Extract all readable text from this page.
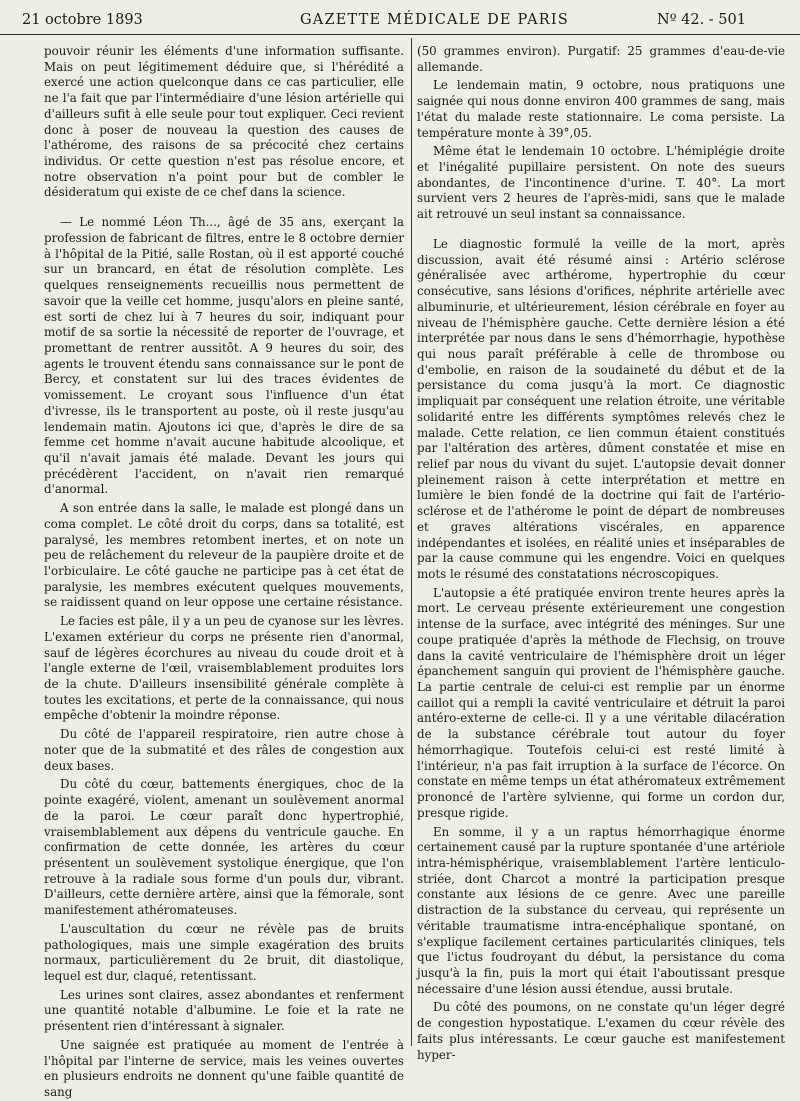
21 octobre 1893	GAZETTE MÉDICALE DE PARIS	Nº 42. - 501

pouvoir réunir les éléments d'une information suffisante. Mais on peut légitimement déduire que, si l'hérédité a exercé une action quelconque dans ce cas particulier, elle ne l'a fait que par l'intermédiaire d'une lésion artérielle qui d'ailleurs sufit à elle seule pour tout expliquer. Ceci revient donc à poser de nouveau la question des causes de l'athérome, des raisons de sa précocité chez certains individus. Or cette question n'est pas résolue encore, et notre observation n'a point pour but de combler le désideratum qui existe de ce chef dans la science.

— Le nommé Léon Th..., âgé de 35 ans, exerçant la profession de fabricant de filtres, entre le 8 octobre dernier à l'hôpital de la Pitié, salle Rostan, où il est apporté couché sur un brancard, en état de résolution complète. Les quelques renseignements recueillis nous permettent de savoir que la veille cet homme, jusqu'alors en pleine santé, est sorti de chez lui à 7 heures du soir, indiquant pour motif de sa sortie la nécessité de reporter de l'ouvrage, et promettant de rentrer aussitôt. A 9 heures du soir, des agents le trouvent étendu sans connaissance sur le pont de Bercy, et constatent sur lui des traces évidentes de vomissement. Le croyant sous l'influence d'un état d'ivresse, ils le transportent au poste, où il reste jusqu'au lendemain matin. Ajoutons ici que, d'après le dire de sa femme cet homme n'avait aucune habitude alcoolique, et qu'il n'avait jamais été malade. Devant les jours qui précédèrent l'accident, on n'avait rien remarqué d'anormal.

A son entrée dans la salle, le malade est plongé dans un coma complet. Le côté droit du corps, dans sa totalité, est paralysé, les membres retombent inertes, et on note un peu de relâchement du releveur de la paupière droite et de l'orbiculaire. Le côté gauche ne participe pas à cet état de paralysie, les membres exécutent quelques mouvements, se raidissent quand on leur oppose une certaine résistance.

Le facies est pâle, il y a un peu de cyanose sur les lèvres. L'examen extérieur du corps ne présente rien d'anormal, sauf de légères écorchures au niveau du coude droit et à l'angle externe de l'œil, vraisemblablement produites lors de la chute. D'ailleurs insensibilité générale complète à toutes les excitations, et perte de la connaissance, qui nous empêche d'obtenir la moindre réponse.

Du côté de l'appareil respiratoire, rien autre chose à noter que de la submatité et des râles de congestion aux deux bases.

Du côté du cœur, battements énergiques, choc de la pointe exagéré, violent, amenant un soulèvement anormal de la paroi. Le cœur paraît donc hypertrophié, vraisemblablement aux dépens du ventricule gauche. En confirmation de cette donnée, les artères du cœur présentent un soulèvement systolique énergique, que l'on retrouve à la radiale sous forme d'un pouls dur, vibrant. D'ailleurs, cette dernière artère, ainsi que la fémorale, sont manifestement athéromateuses.

L'auscultation du cœur ne révèle pas de bruits pathologiques, mais une simple exagération des bruits normaux, particulièrement du 2e bruit, dit diastolique, lequel est dur, claqué, retentissant.

Les urines sont claires, assez abondantes et renferment une quantité notable d'albumine. Le foie et la rate ne présentent rien d'intéressant à signaler.

Une saignée est pratiquée au moment de l'entrée à l'hôpital par l'interne de service, mais les veines ouvertes en plusieurs endroits ne donnent qu'une faible quantité de sang

(50 grammes environ). Purgatif: 25 grammes d'eau-de-vie allemande.

Le lendemain matin, 9 octobre, nous pratiquons une saignée qui nous donne environ 400 grammes de sang, mais l'état du malade reste stationnaire. Le coma persiste. La température monte à 39°,05.

Même état le lendemain 10 octobre. L'hémiplégie droite et l'inégalité pupillaire persistent. On note des sueurs abondantes, de l'incontinence d'urine. T. 40°. La mort survient vers 2 heures de l'après-midi, sans que le malade ait retrouvé un seul instant sa connaissance.

Le diagnostic formulé la veille de la mort, après discussion, avait été résumé ainsi : Artério sclérose généralisée avec arthérome, hypertrophie du cœur consécutive, sans lésions d'orifices, néphrite artérielle avec albuminurie, et ultérieurement, lésion cérébrale en foyer au niveau de l'hémisphère gauche. Cette dernière lésion a été interprétée par nous dans le sens d'hémorrhagie, hypothèse qui nous paraît préférable à celle de thrombose ou d'embolie, en raison de la soudaineté du début et de la persistance du coma jusqu'à la mort. Ce diagnostic impliquait par conséquent une relation étroite, une véritable solidarité entre les différents symptômes relevés chez le malade. Cette relation, ce lien commun étaient constitués par l'altération des artères, dûment constatée et mise en relief par nous du vivant du sujet. L'autopsie devait donner pleinement raison à cette interprétation et mettre en lumière le bien fondé de la doctrine qui fait de l'artério-sclérose et de l'athérome le point de départ de nombreuses et graves altérations viscérales, en apparence indépendantes et isolées, en réalité unies et inséparables de par la cause commune qui les engendre. Voici en quelques mots le résumé des constatations nécroscopiques.

L'autopsie a été pratiquée environ trente heures après la mort. Le cerveau présente extérieurement une congestion intense de la surface, avec intégrité des méninges. Sur une coupe pratiquée d'après la méthode de Flechsig, on trouve dans la cavité ventriculaire de l'hémisphère droit un léger épanchement sanguin qui provient de l'hémisphère gauche. La partie centrale de celui-ci est remplie par un énorme caillot qui a rempli la cavité ventriculaire et détruit la paroi antéro-externe de celle-ci. Il y a une véritable dilacération de la substance cérébrale tout autour du foyer hémorrhagique. Toutefois celui-ci est resté limité à l'intérieur, n'a pas fait irruption à la surface de l'écorce. On constate en même temps un état athéromateux extrêmement prononcé de l'artère sylvienne, qui forme un cordon dur, presque rigide.

En somme, il y a un raptus hémorrhagique énorme certainement causé par la rupture spontanée d'une artériole intra-hémisphérique, vraisemblablement l'artère lenticulo-striée, dont Charcot a montré la participation presque constante aux lésions de ce genre. Avec une pareille distraction de la substance du cerveau, qui représente un véritable traumatisme intra-encéphalique spontané, on s'explique facilement certaines particularités cliniques, tels que l'ictus foudroyant du début, la persistance du coma jusqu'à la fin, puis la mort qui était l'aboutissant presque nécessaire d'une lésion aussi étendue, aussi brutale.

Du côté des poumons, on ne constate qu'un léger degré de congestion hypostatique. L'examen du cœur révèle des faits plus intéressants. Le cœur gauche est manifestement hyper-
